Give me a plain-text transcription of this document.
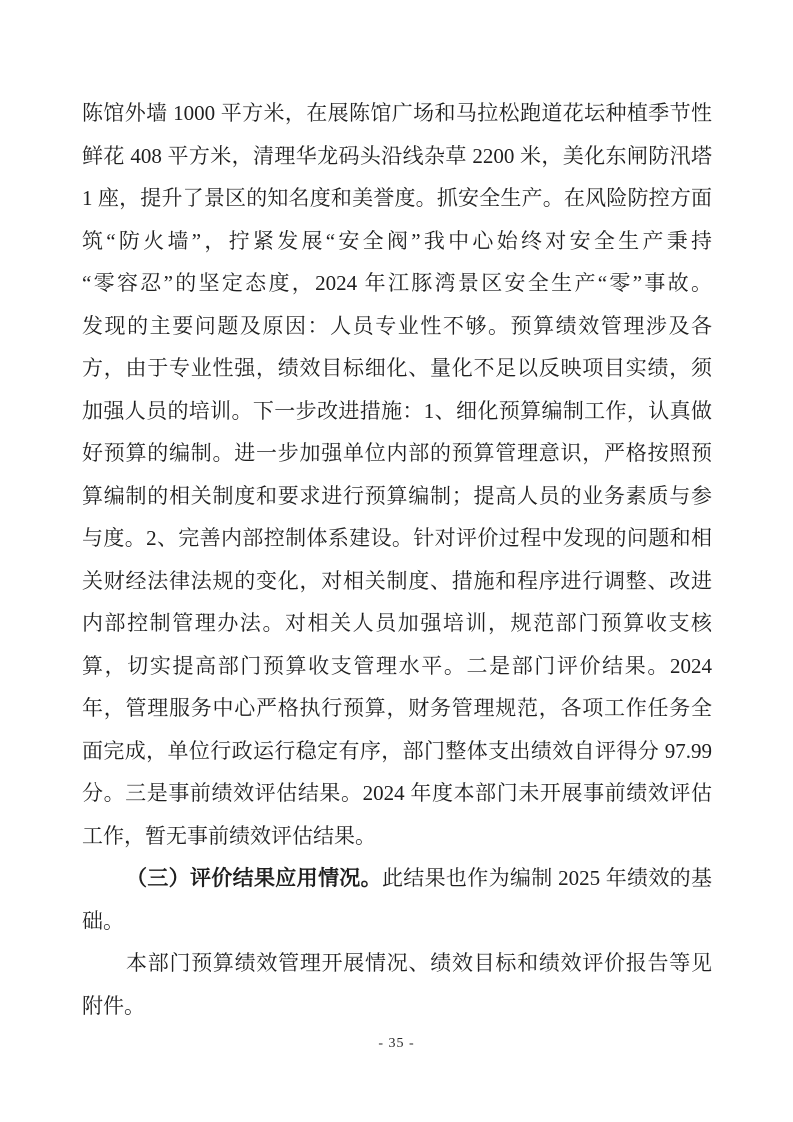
陈馆外墙 1000 平方米，在展陈馆广场和马拉松跑道花坛种植季节性
鲜花 408 平方米，清理华龙码头沿线杂草 2200 米，美化东闸防汛塔
1 座，提升了景区的知名度和美誉度。抓安全生产。在风险防控方面
筑“防火墙”，拧紧发展“安全阀”我中心始终对安全生产秉持
“零容忍”的坚定态度，2024 年江豚湾景区安全生产“零”事故。
发现的主要问题及原因：人员专业性不够。预算绩效管理涉及各
方，由于专业性强，绩效目标细化、量化不足以反映项目实绩，须
加强人员的培训。下一步改进措施：1、细化预算编制工作，认真做
好预算的编制。进一步加强单位内部的预算管理意识，严格按照预
算编制的相关制度和要求进行预算编制；提高人员的业务素质与参
与度。2、完善内部控制体系建设。针对评价过程中发现的问题和相
关财经法律法规的变化，对相关制度、措施和程序进行调整、改进
内部控制管理办法。对相关人员加强培训，规范部门预算收支核
算，切实提高部门预算收支管理水平。二是部门评价结果。2024
年，管理服务中心严格执行预算，财务管理规范，各项工作任务全
面完成，单位行政运行稳定有序，部门整体支出绩效自评得分 97.99
分。三是事前绩效评估结果。2024 年度本部门未开展事前绩效评估
工作，暂无事前绩效评估结果。
（三）评价结果应用情况。此结果也作为编制 2025 年绩效的基
础。
本部门预算绩效管理开展情况、绩效目标和绩效评价报告等见
附件。
- 35 -
